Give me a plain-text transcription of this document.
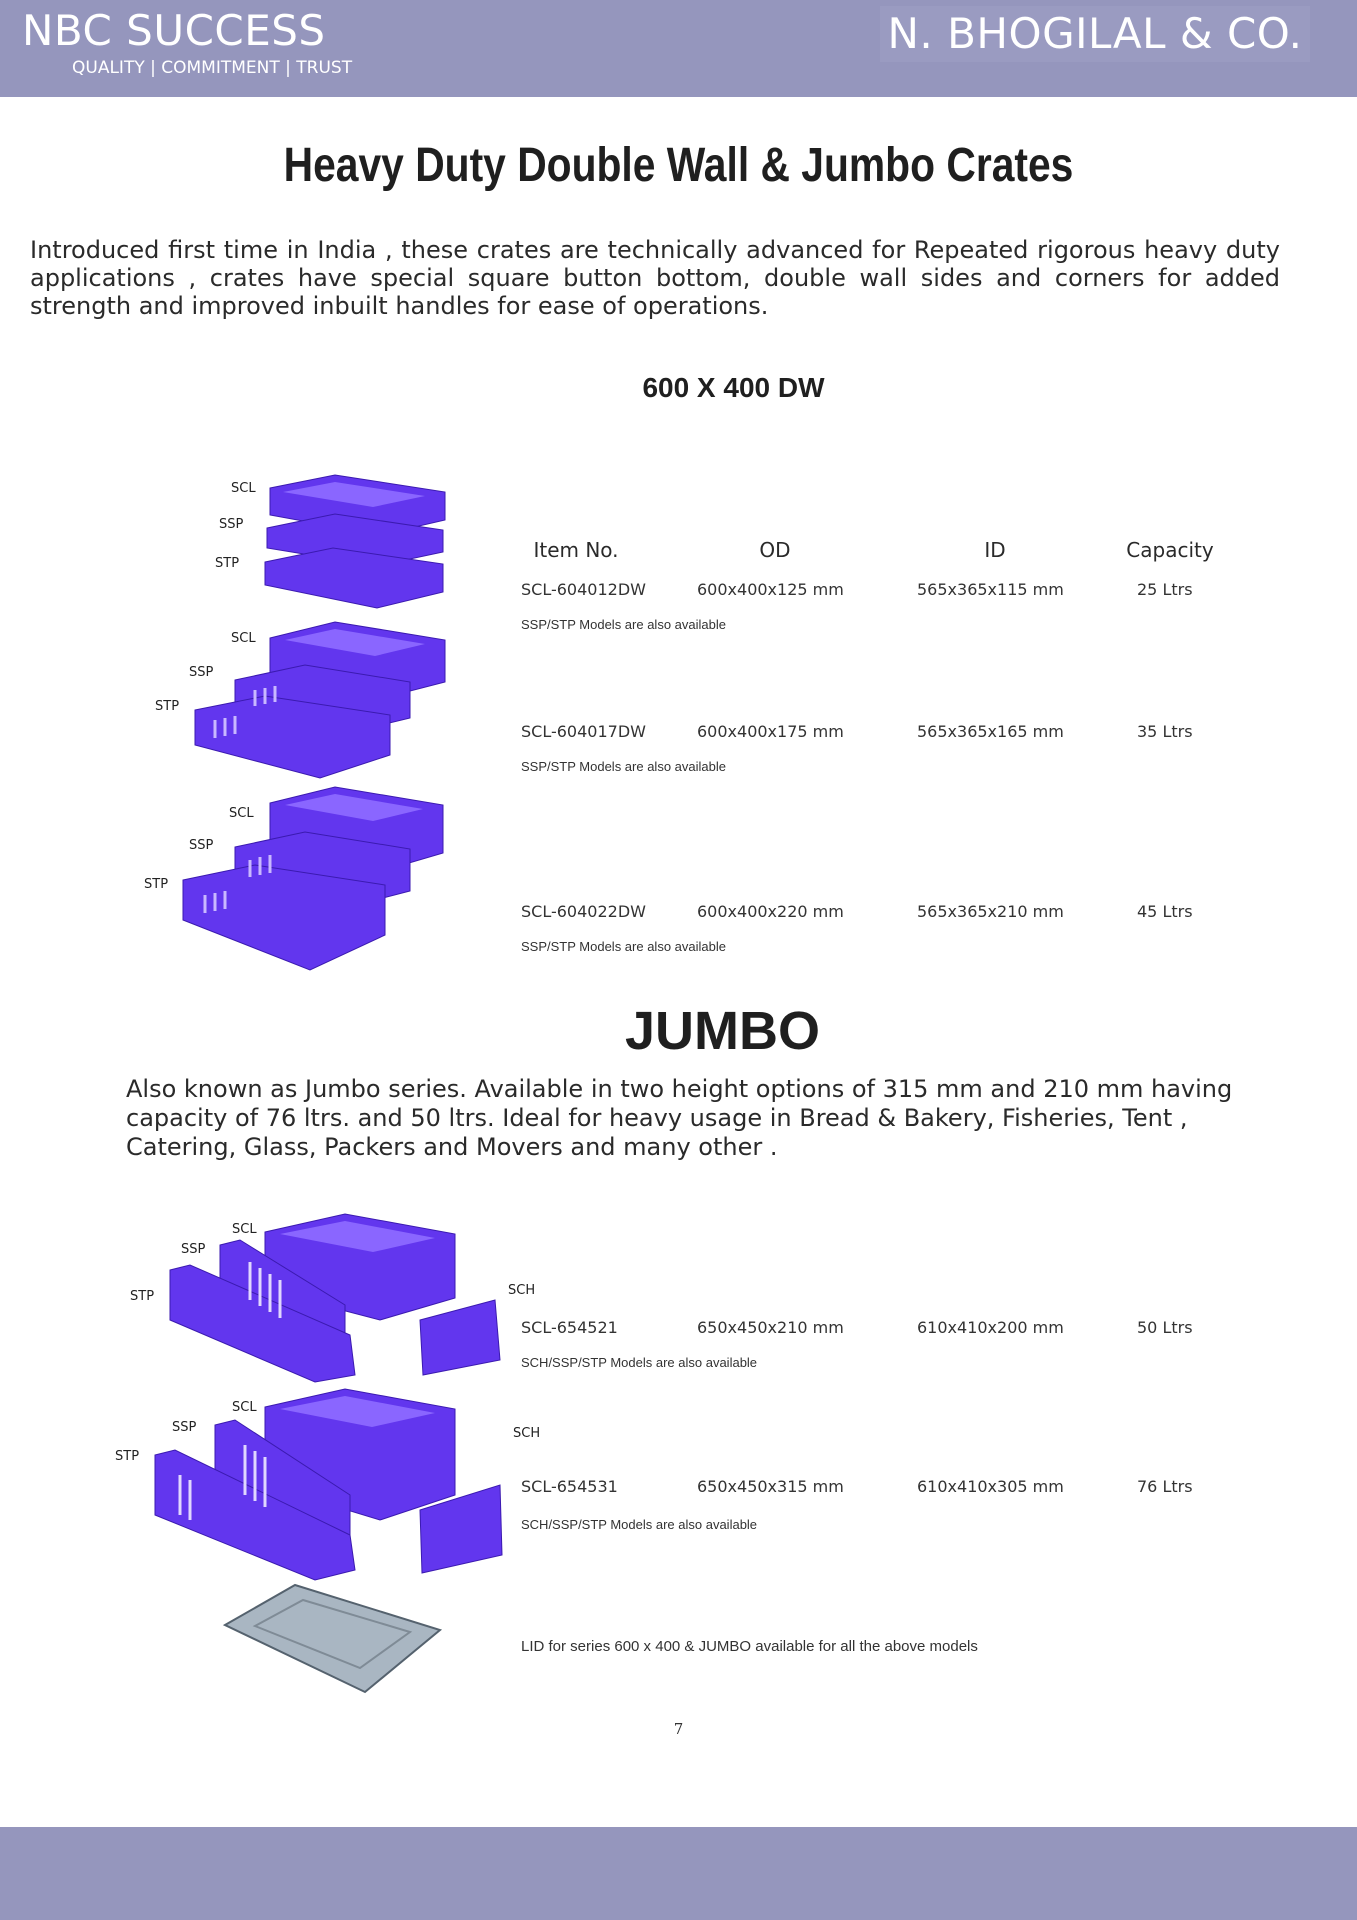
NBC SUCCESS
QUALITY | COMMITMENT | TRUST
N. BHOGILAL & CO.
Heavy Duty Double Wall & Jumbo Crates
Introduced first time in India , these crates are technically advanced for Repeated rigorous heavy duty applications , crates have special square button bottom, double wall sides and corners for added strength and improved inbuilt handles for ease of operations.
600 X 400 DW
Item No.	OD	ID	Capacity
SCL-604012DW	600x400x125 mm	565x365x115 mm	25 Ltrs
SSP/STP Models are also available
SCL-604017DW	600x400x175 mm	565x365x165 mm	35 Ltrs
SSP/STP Models are also available
SCL-604022DW	600x400x220 mm	565x365x210 mm	45 Ltrs
SSP/STP Models are also available
JUMBO
Also known as Jumbo series. Available in two height options of 315 mm and 210 mm having capacity of 76 ltrs. and 50 ltrs. Ideal for heavy usage in Bread & Bakery, Fisheries, Tent , Catering, Glass, Packers and Movers and many other .
SCL-654521	650x450x210 mm	610x410x200 mm	50 Ltrs
SCH/SSP/STP Models are also available
SCL-654531	650x450x315 mm	610x410x305 mm	76 Ltrs
SCH/SSP/STP Models are also available
LID for series 600 x 400 & JUMBO available for all the above models
7
SCL
SSP
STP
SCL
SSP
STP
SCL
SSP
STP
SCL
SSP
STP	SCH
SCL
SSP
STP
SCH
